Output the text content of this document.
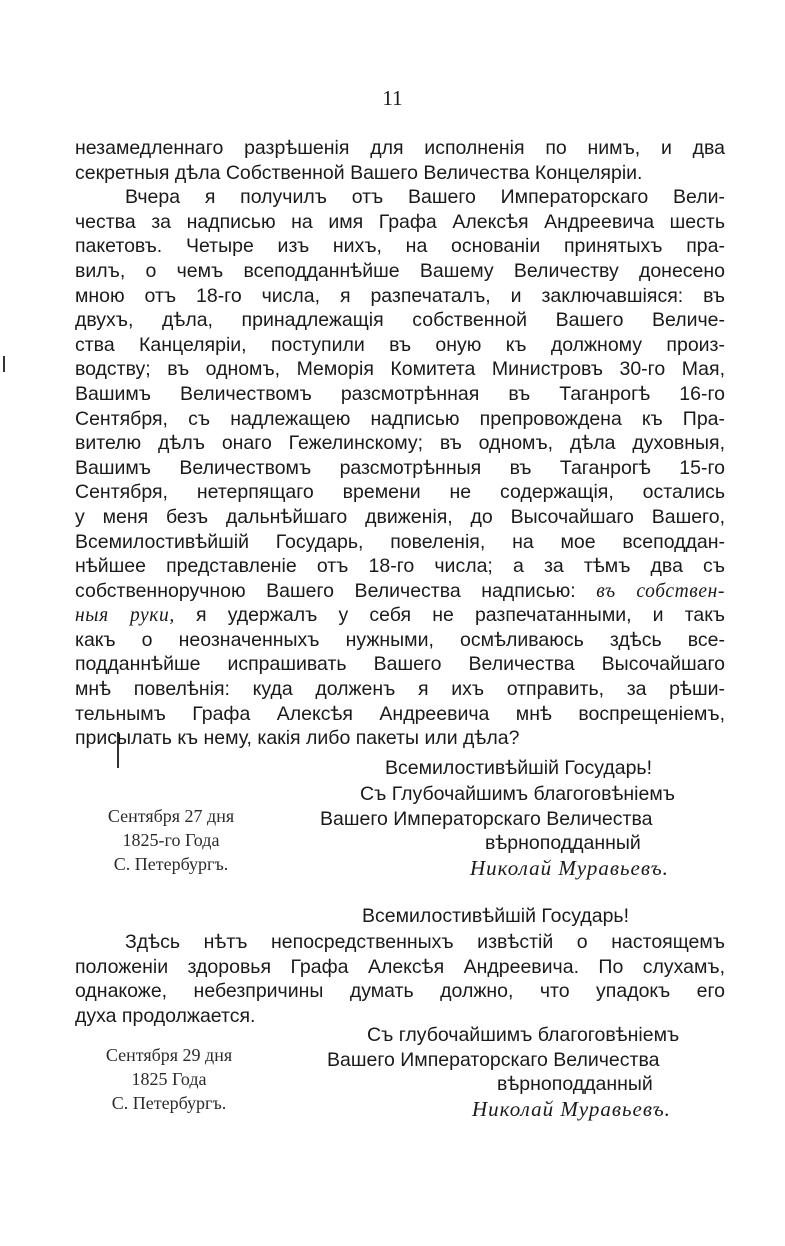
11
незамедленнаго разрѣшенія для исполненія по нимъ, и два
секретныя дѣла Собственной Вашего Величества Концеляріи.
Вчера я получилъ отъ Вашего Императорскаго Вели-
чества за надписью на имя Графа Алексѣя Андреевича шесть
пакетовъ. Четыре изъ нихъ, на основаніи принятыхъ пра-
вилъ, о чемъ всеподданнѣйше Вашему Величеству донесено
мною отъ 18-го числа, я разпечаталъ, и заключавшіяся: въ
двухъ, дѣла, принадлежащія собственной Вашего Величе-
ства Канцеляріи, поступили въ оную къ должному произ-
водству; въ одномъ, Меморія Комитета Министровъ 30-го Мая,
Вашимъ Величествомъ разсмотрѣнная въ Таганрогѣ 16-го
Сентября, съ надлежащею надписью препровождена къ Пра-
вителю дѣлъ онаго Гежелинскому; въ одномъ, дѣла духовныя,
Вашимъ Величествомъ разсмотрѣнныя въ Таганрогѣ 15-го
Сентября, нетерпящаго времени не содержащія, остались
у меня безъ дальнѣйшаго движенія, до Высочайшаго Вашего,
Всемилостивѣйшій Государь, повеленія, на мое всеподдан-
нѣйшее представленіе отъ 18-го числа; а за тѣмъ два съ
собственноручною Вашего Величества надписью: въ собствен-
ныя руки, я удержалъ у себя не разпечатанными, и такъ
какъ о неозначенныхъ нужными, осмѣливаюсь здѣсь все-
подданнѣйше испрашивать Вашего Величества Высочайшаго
мнѣ повелѣнія: куда долженъ я ихъ отправить, за рѣши-
тельнымъ Графа Алексѣя Андреевича мнѣ воспрещеніемъ,
присылать къ нему, какія либо пакеты или дѣла?
Всемилостивѣйшій Государь!
Съ Глубочайшимъ благоговѣніемъ
Вашего Императорскаго Величества
вѣрноподданный
Николай Муравьевъ.
Сентября 27 дня
1825-го Года
С. Петербургъ.
Всемилостивѣйшій Государь!
Здѣсь нѣтъ непосредственныхъ извѣстій о настоящемъ
положеніи здоровья Графа Алексѣя Андреевича. По слухамъ,
однакоже, небезпричины думать должно, что упадокъ его
духа продолжается.
Съ глубочайшимъ благоговѣніемъ
Вашего Императорскаго Величества
вѣрноподданный
Николай Муравьевъ.
Сентября 29 дня
1825 Года
С. Петербургъ.
